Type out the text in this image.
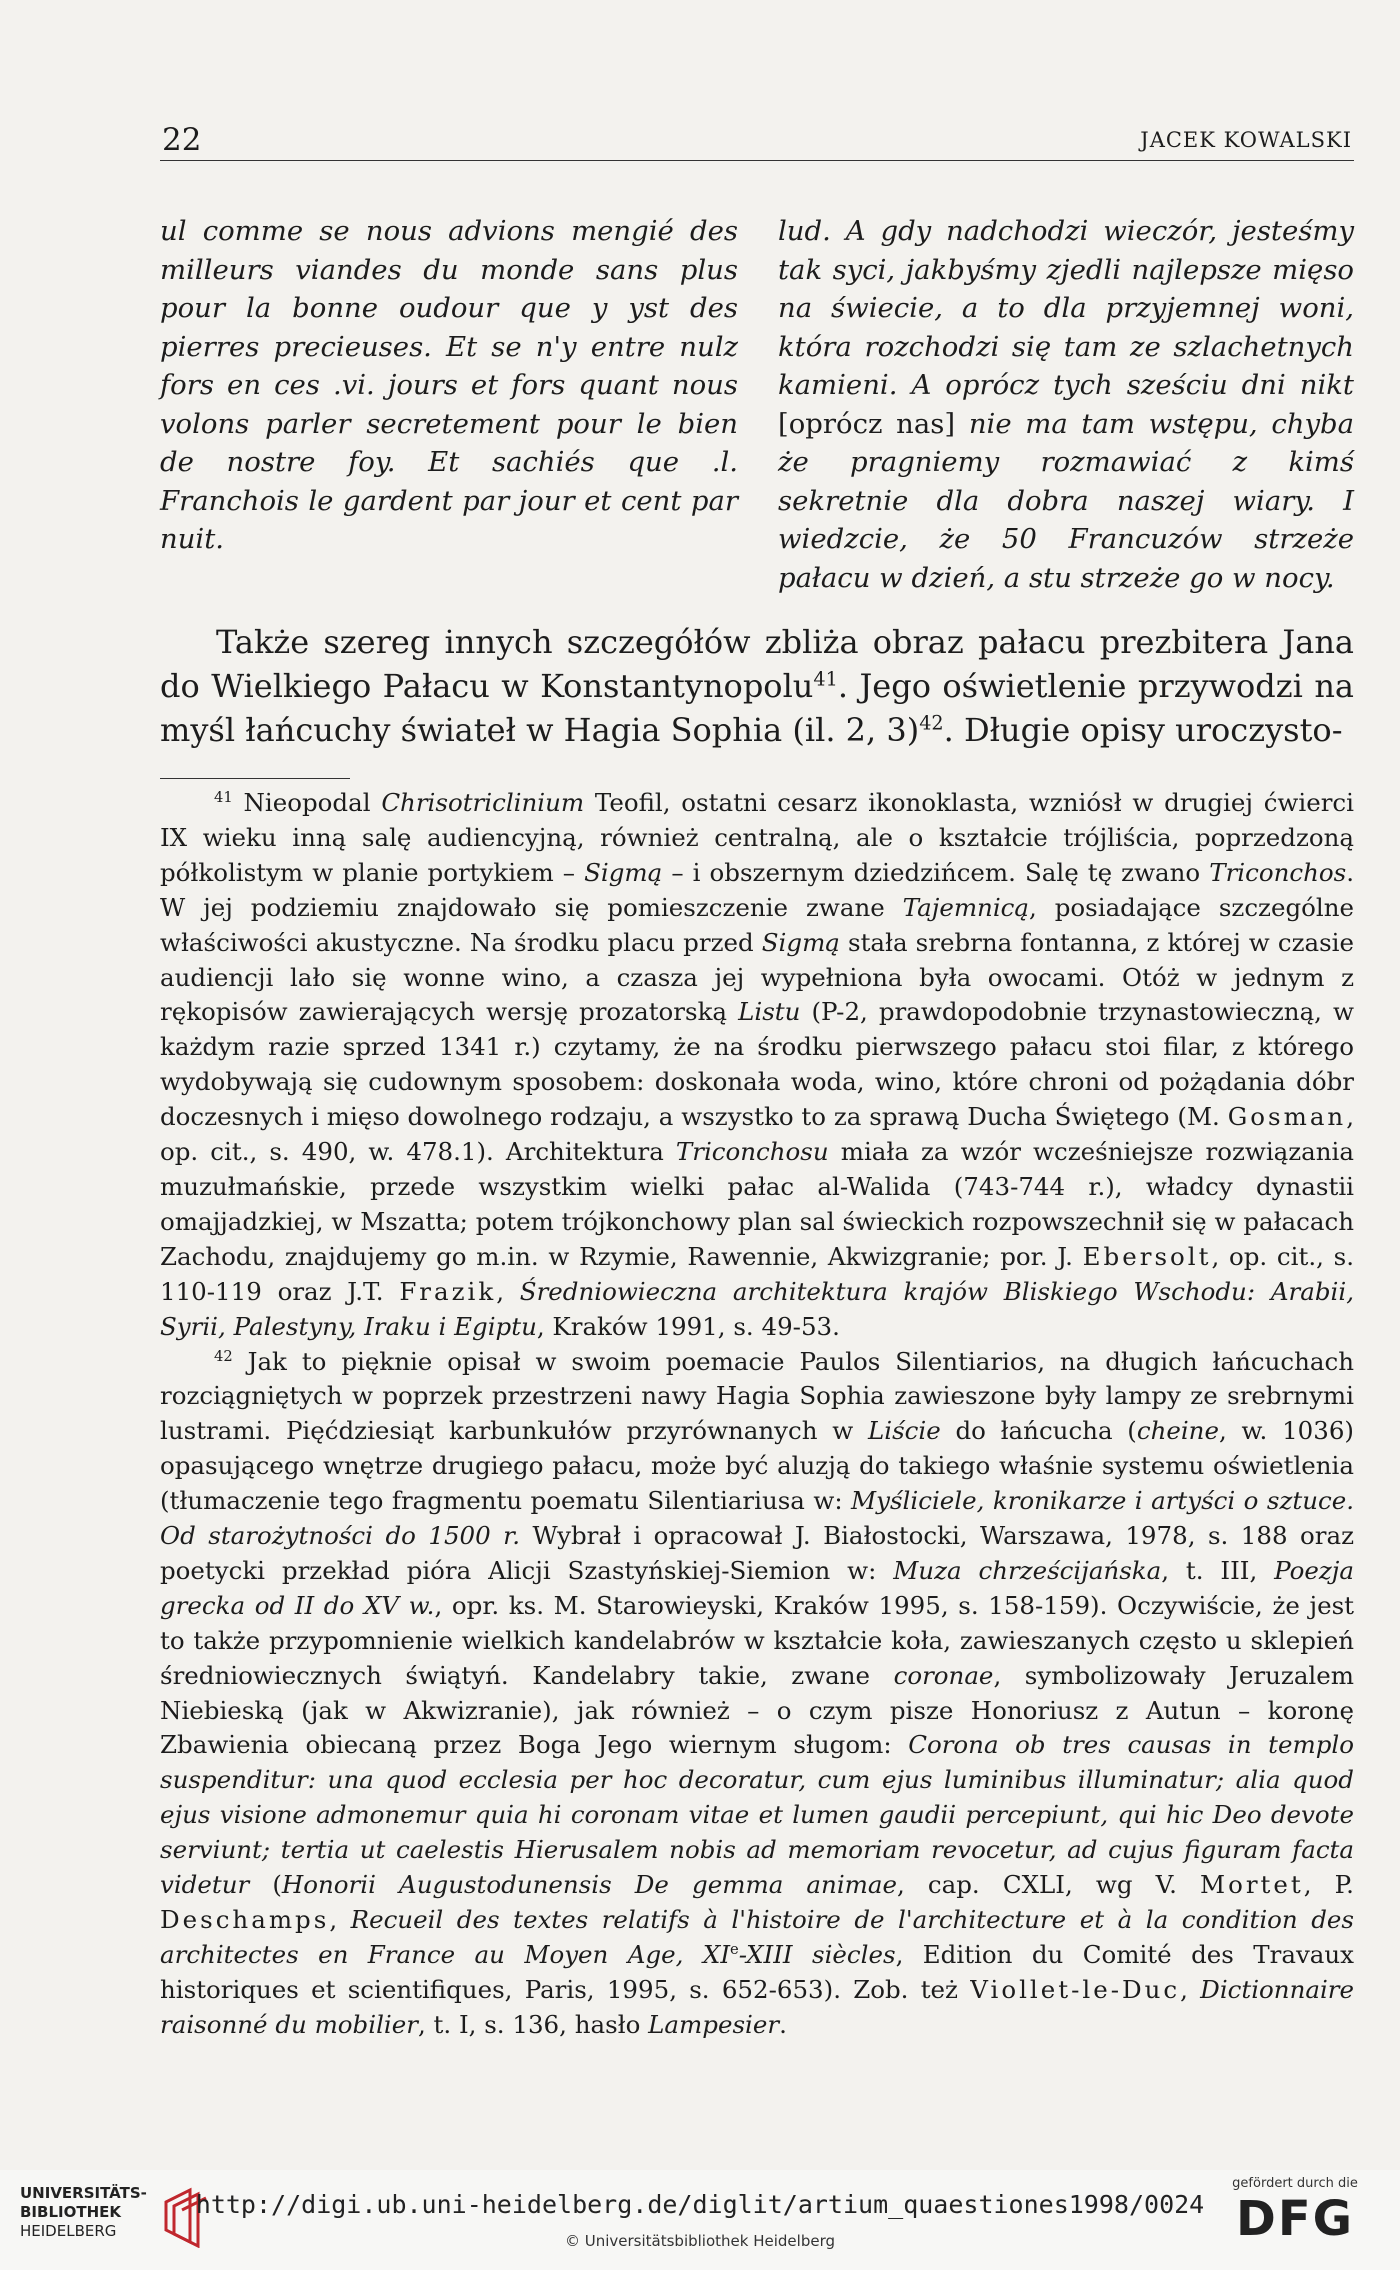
22	JACEK KOWALSKI

ul comme se nous advions mengié des milleurs viandes du monde sans plus pour la bonne oudour que y yst des pierres precieuses. Et se n'y entre nulz fors en ces .vi. jours et fors quant nous volons parler secretement pour le bien de nostre foy. Et sachiés que .l. Franchois le gardent par jour et cent par nuit.

lud. A gdy nadchodzi wieczór, jesteśmy tak syci, jakbyśmy zjedli najlepsze mięso na świecie, a to dla przyjemnej woni, która rozchodzi się tam ze szlachetnych kamieni. A oprócz tych sześciu dni nikt [oprócz nas] nie ma tam wstępu, chyba że pragniemy rozmawiać z kimś sekretnie dla dobra naszej wiary. I wiedzcie, że 50 Francuzów strzeże pałacu w dzień, a stu strzeże go w nocy.

Także szereg innych szczegółów zbliża obraz pałacu prezbitera Jana do Wielkiego Pałacu w Konstantynopolu$^{41}$. Jego oświetlenie przywodzi na myśl łańcuchy świateł w Hagia Sophia (il. 2, 3)$^{42}$. Długie opisy uroczysto-

$^{41}$ Nieopodal Chrisotriclinium Teofil, ostatni cesarz ikonoklasta, wzniósł w drugiej ćwierci IX wieku inną salę audiencyjną, również centralną, ale o kształcie trójliścia, poprzedzoną półkolistym w planie portykiem – Sigmą – i obszernym dziedzińcem. Salę tę zwano Triconchos. W jej podziemiu znajdowało się pomieszczenie zwane Tajemnicą, posiadające szczególne właściwości akustyczne. Na środku placu przed Sigmą stała srebrna fontanna, z której w czasie audiencji lało się wonne wino, a czasza jej wypełniona była owocami. Otóż w jednym z rękopisów zawierających wersję prozatorską Listu (P-2, prawdopodobnie trzynastowieczną, w każdym razie sprzed 1341 r.) czytamy, że na środku pierwszego pałacu stoi filar, z którego wydobywają się cudownym sposobem: doskonała woda, wino, które chroni od pożądania dóbr doczesnych i mięso dowolnego rodzaju, a wszystko to za sprawą Ducha Świętego (M. Gosman, op. cit., s. 490, w. 478.1). Architektura Triconchosu miała za wzór wcześniejsze rozwiązania muzułmańskie, przede wszystkim wielki pałac al-Walida (743-744 r.), władcy dynastii omajjadzkiej, w Mszatta; potem trójkonchowy plan sal świeckich rozpowszechnił się w pałacach Zachodu, znajdujemy go m.in. w Rzymie, Rawennie, Akwizgranie; por. J. Ebersolt, op. cit., s. 110-119 oraz J.T. Frazik, Średniowieczna architektura krajów Bliskiego Wschodu: Arabii, Syrii, Palestyny, Iraku i Egiptu, Kraków 1991, s. 49-53.

$^{42}$ Jak to pięknie opisał w swoim poemacie Paulos Silentiarios, na długich łańcuchach rozciągniętych w poprzek przestrzeni nawy Hagia Sophia zawieszone były lampy ze srebrnymi lustrami. Pięćdziesiąt karbunkułów przyrównanych w Liście do łańcucha (cheine, w. 1036) opasującego wnętrze drugiego pałacu, może być aluzją do takiego właśnie systemu oświetlenia (tłumaczenie tego fragmentu poematu Silentiariusa w: Myśliciele, kronikarze i artyści o sztuce. Od starożytności do 1500 r. Wybrał i opracował J. Białostocki, Warszawa, 1978, s. 188 oraz poetycki przekład pióra Alicji Szastyńskiej-Siemion w: Muza chrześcijańska, t. III, Poezja grecka od II do XV w., opr. ks. M. Starowieyski, Kraków 1995, s. 158-159). Oczywiście, że jest to także przypomnienie wielkich kandelabrów w kształcie koła, zawieszanych często u sklepień średniowiecznych świątyń. Kandelabry takie, zwane coronae, symbolizowały Jeruzalem Niebieską (jak w Akwizranie), jak również – o czym pisze Honoriusz z Autun – koronę Zbawienia obiecaną przez Boga Jego wiernym sługom: Corona ob tres causas in templo suspenditur: una quod ecclesia per hoc decoratur, cum ejus luminibus illuminatur; alia quod ejus visione admonemur quia hi coronam vitae et lumen gaudii percepiunt, qui hic Deo devote serviunt; tertia ut caelestis Hierusalem nobis ad memoriam revocetur, ad cujus figuram facta videtur (Honorii Augustodunensis De gemma animae, cap. CXLI, wg V. Mortet, P. Deschamps, Recueil des textes relatifs à l'histoire de l'architecture et à la condition des architectes en France au Moyen Age, XIe-XIII siècles, Edition du Comité des Travaux historiques et scientifiques, Paris, 1995, s. 652-653). Zob. też Viollet-le-Duc, Dictionnaire raisonné du mobilier, t. I, s. 136, hasło Lampesier.

UNIVERSITÄTS-
BIBLIOTHEK
HEIDELBERG
http://digi.ub.uni-heidelberg.de/diglit/artium_quaestiones1998/0024
© Universitätsbibliothek Heidelberg
gefördert durch die
DFG
